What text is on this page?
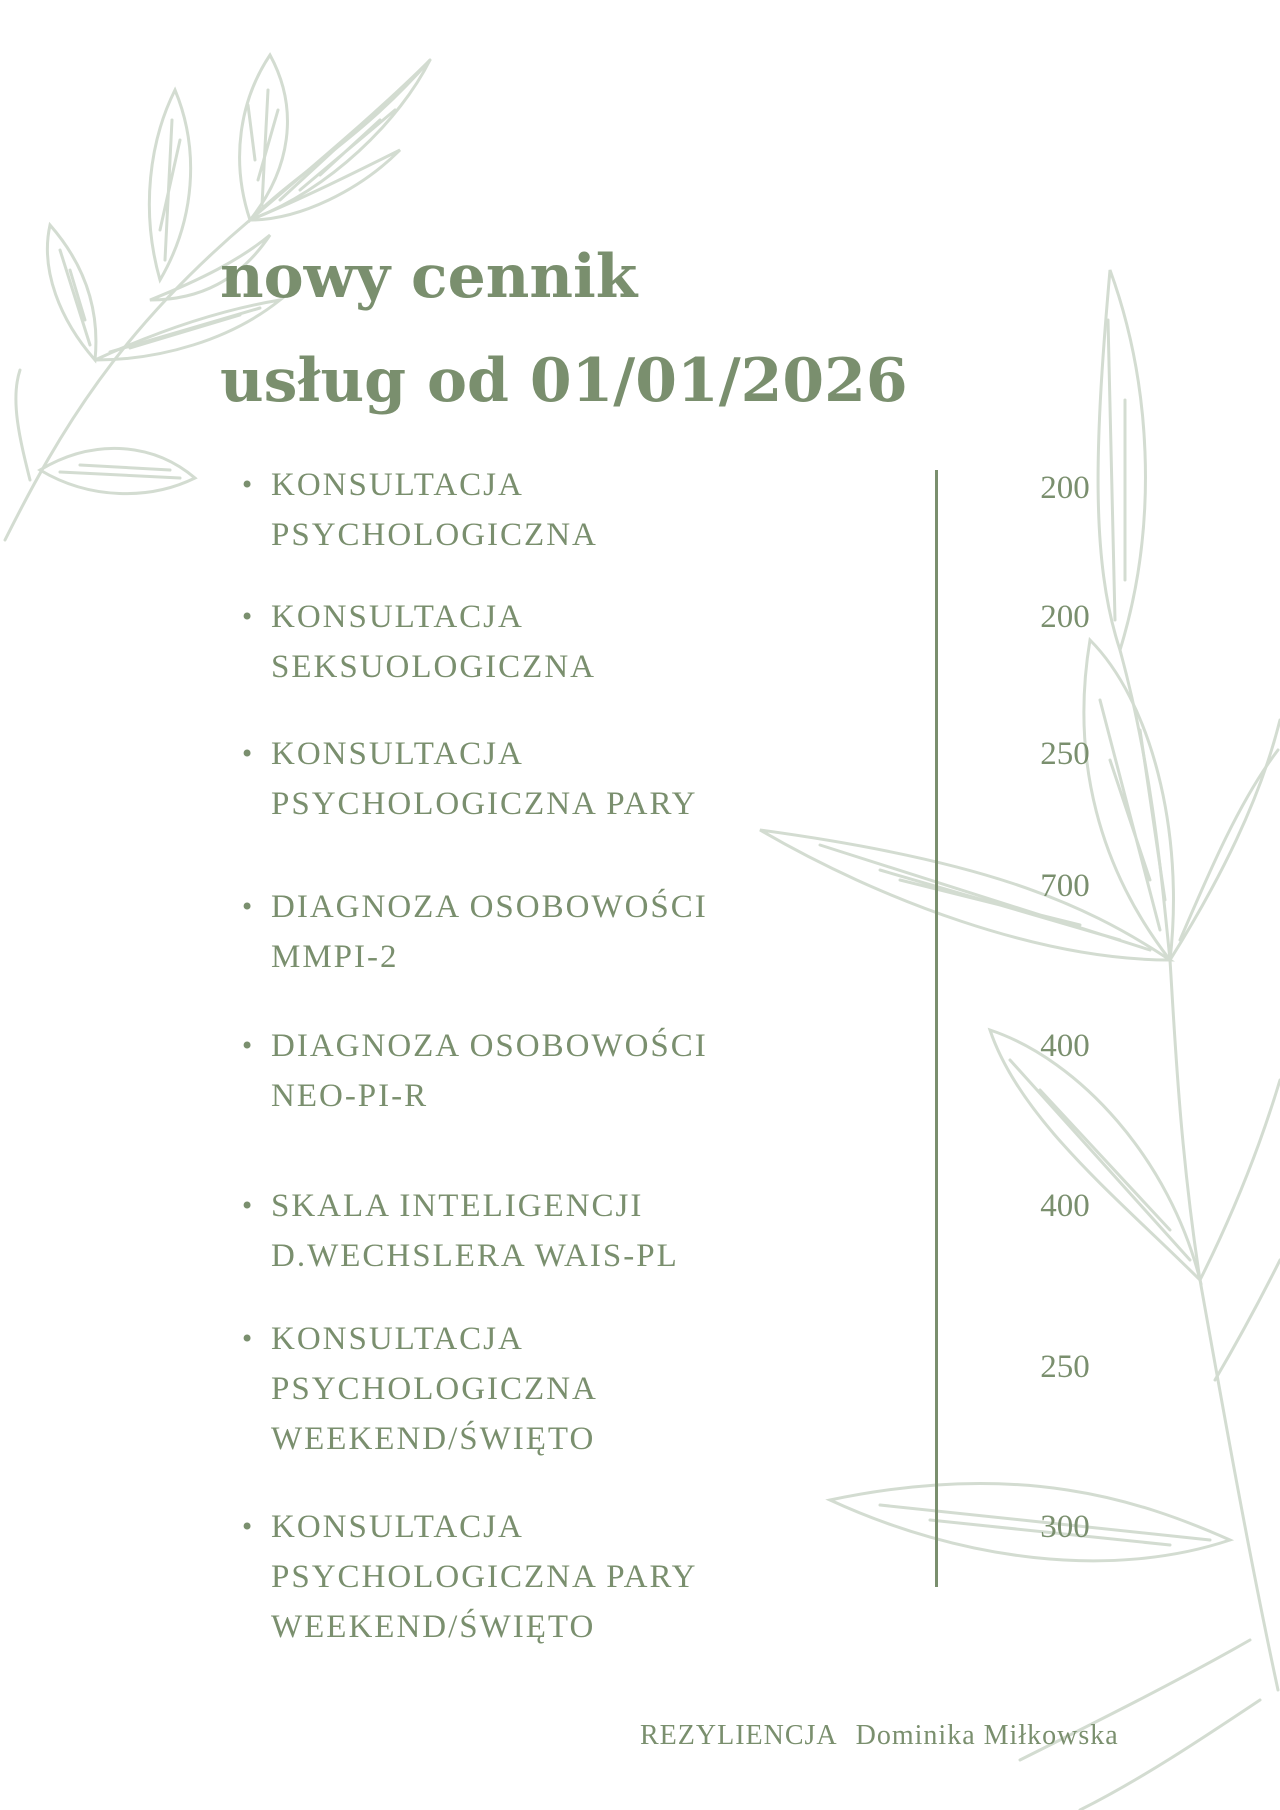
nowy cennik
usług od 01/01/2026
• KONSULTACJA
PSYCHOLOGICZNA
200
• KONSULTACJA
SEKSUOLOGICZNA
200
• KONSULTACJA
PSYCHOLOGICZNA PARY
250
• DIAGNOZA OSOBOWOŚCI
MMPI-2
700
• DIAGNOZA OSOBOWOŚCI
NEO-PI-R
400
• SKALA INTELIGENCJI
D.WECHSLERA WAIS-PL
400
• KONSULTACJA
PSYCHOLOGICZNA
WEEKEND/ŚWIĘTO
250
• KONSULTACJA
PSYCHOLOGICZNA PARY
WEEKEND/ŚWIĘTO
300
REZYLIENCJA Dominika Miłkowska
